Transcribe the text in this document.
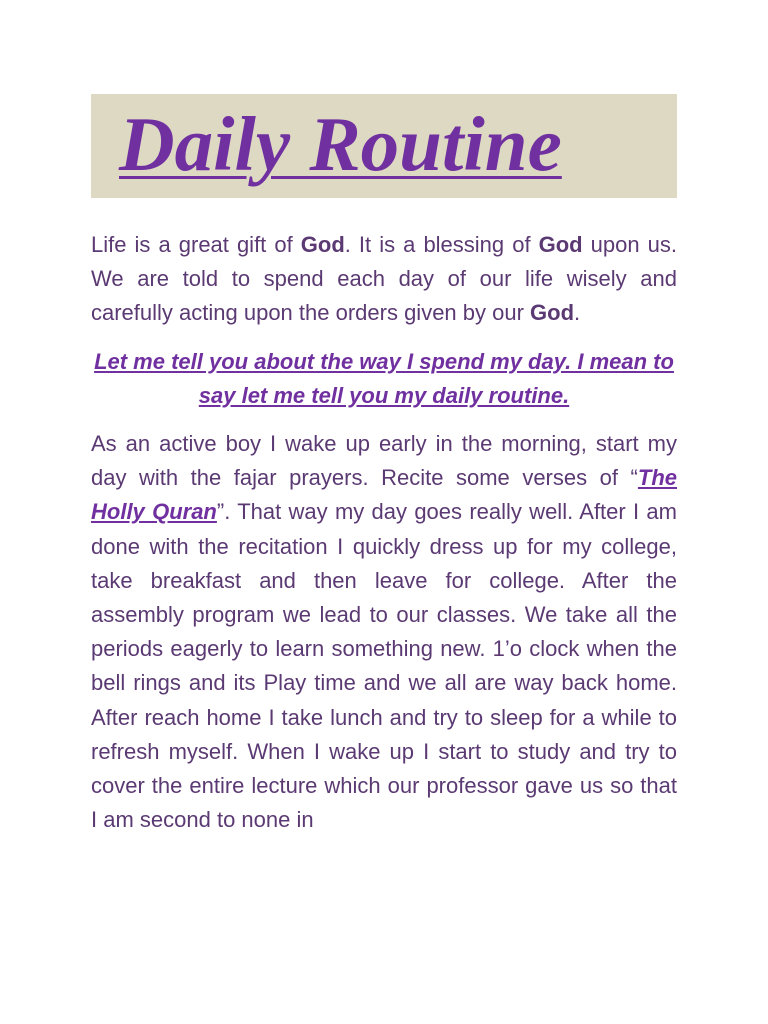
Daily Routine

Life is a great gift of God. It is a blessing of God upon us. We are told to spend each day of our life wisely and carefully acting upon the orders given by our God.

Let me tell you about the way I spend my day. I mean to say let me tell you my daily routine.

As an active boy I wake up early in the morning, start my day with the fajar prayers. Recite some verses of “The Holly Quran”. That way my day goes really well. After I am done with the recitation I quickly dress up for my college, take breakfast and then leave for college. After the assembly program we lead to our classes. We take all the periods eagerly to learn something new. 1’o clock when the bell rings and its Play time and we all are way back home. After reach home I take lunch and try to sleep for a while to refresh myself. When I wake up I start to study and try to cover the entire lecture which our professor gave us so that I am second to none in
